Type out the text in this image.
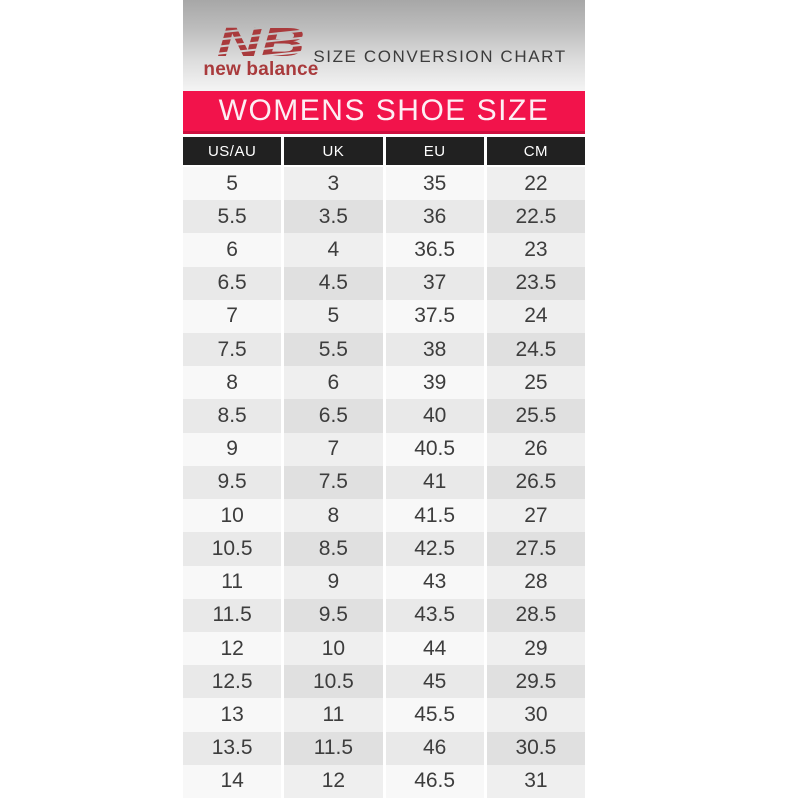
NB
new balance
SIZE CONVERSION CHART
WOMENS SHOE SIZE
US/AU	UK	EU	CM
5	3	35	22
5.5	3.5	36	22.5
6	4	36.5	23
6.5	4.5	37	23.5
7	5	37.5	24
7.5	5.5	38	24.5
8	6	39	25
8.5	6.5	40	25.5
9	7	40.5	26
9.5	7.5	41	26.5
10	8	41.5	27
10.5	8.5	42.5	27.5
11	9	43	28
11.5	9.5	43.5	28.5
12	10	44	29
12.5	10.5	45	29.5
13	11	45.5	30
13.5	11.5	46	30.5
14	12	46.5	31
